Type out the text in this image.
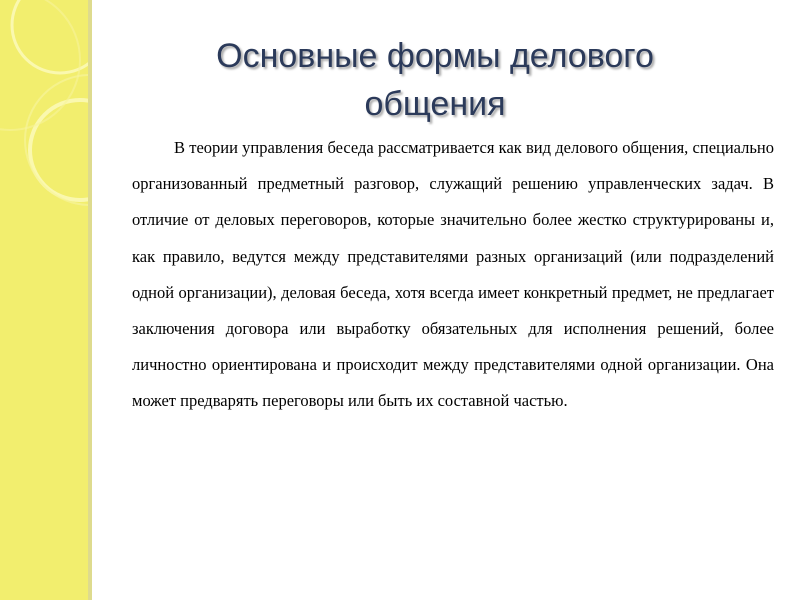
Основные формы делового общения

В теории управления беседа рассматривается как вид делового общения, специально организованный предметный разговор, служащий решению управленческих задач. В отличие от деловых переговоров, которые значительно более жестко структурированы и, как правило, ведутся между представителями разных организаций (или подразделений одной организации), деловая беседа, хотя всегда имеет конкретный предмет, не предлагает заключения договора или выработку обязательных для исполнения решений, более личностно ориентирована и происходит между представителями одной организации. Она может предварять переговоры или быть их составной частью.
